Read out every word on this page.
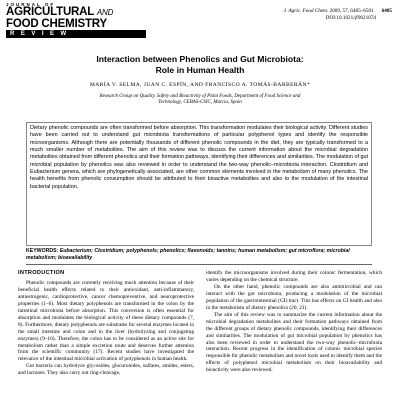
JOURNAL OF
AGRICULTURAL AND
FOOD CHEMISTRY
REVIEW
J. Agric. Food Chem. 2009, 57, 6485–6501 6485
DOI:10.1021/jf902107d
Interaction between Phenolics and Gut Microbiota:
Role in Human Health
MARÍA V. SELMA, JUAN C. ESPÍN, AND FRANCISCO A. TOMÁS-BARBERÁN*
Research Group on Quality, Safety and Bioactivity of Plant Foods, Department of Food Science and
Technology, CEBAS-CSIC, Murcia, Spain
Dietary phenolic compounds are often transformed before absorption. This transformation modulates their biological activity. Different studies have been carried out to understand gut microbiota transformations of particular polyphenol types and identify the responsible microorganisms. Although there are potentially thousands of different phenolic compounds in the diet, they are typically transformed to a much smaller number of metabolites. The aim of this review was to discuss the current information about the microbial degradation metabolites obtained from different phenolics and their formation pathways, identifying their differences and similarities. The modulation of gut microbial population by phenolics was also reviewed in order to understand the two-way phenolic–microbiota interaction. Clostridium and Eubacterium genera, which are phylogenetically associated, are other common elements involved in the metabolism of many phenolics. The health benefits from phenolic consumption should be attributed to their bioactive metabolites and also to the modulation of the intestinal bacterial population.
KEYWORDS: Eubacterium; Clostridium; polyphenols; phenolics; flavonoids; tannins; human metabolism; gut microflora; microbial metabolism; bioavailability
INTRODUCTION

Phenolic compounds are currently receiving much attention because of their beneficial health effects related to their antioxidant, anti-inflammatory, antiestrogenic, cardioprotective, cancer chemopreventive, and neuroprotective properties (1–6). Most dietary polyphenols are transformed in the colon by the intestinal microbiota before absorption. This conversion is often essential for absorption and modulates the biological activity of these dietary compounds (7, 8). Furthermore, dietary polyphenols are substrates for several enzymes located in the small intestine and colon and in the liver (hydrolyzing and conjugating enzymes) (9–16). Therefore, the colon has to be considered as an active site for metabolism rather than a simple excretion route and deserves further attention from the scientific community (17). Recent studies have investigated the relevance of the intestinal microbial activation of polyphenols in human health.

Gut bacteria can hydrolyze glycosides, glucuronides, sulfates, amides, esters, and lactones. They also carry out ring-cleavage,

identify the microorganisms involved during their colonic fermentation, which varies depending on the chemical structure.

On the other hand, phenolic compounds are also antimicrobial and can interact with the gut microbiota, producing a modulation of the microbial population of the gastrointestinal (GI) tract. This has effects on GI health and also in the metabolism of dietary phenolics (20, 21).

The aim of this review was to summarize the current information about the microbial degradation metabolites and their formation pathways obtained from the different groups of dietary phenolic compounds, identifying their differences and similarities. The modulation of gut microbial population by phenolics has also been reviewed in order to understand the two-way phenolic–microbiota interaction. Recent progress in the identification of colonic microbial species responsible for phenolic metabolism and novel tools used to identify them and the effects of polyphenol microbial metabolism on their bioavailability and bioactivity were also reviewed.
